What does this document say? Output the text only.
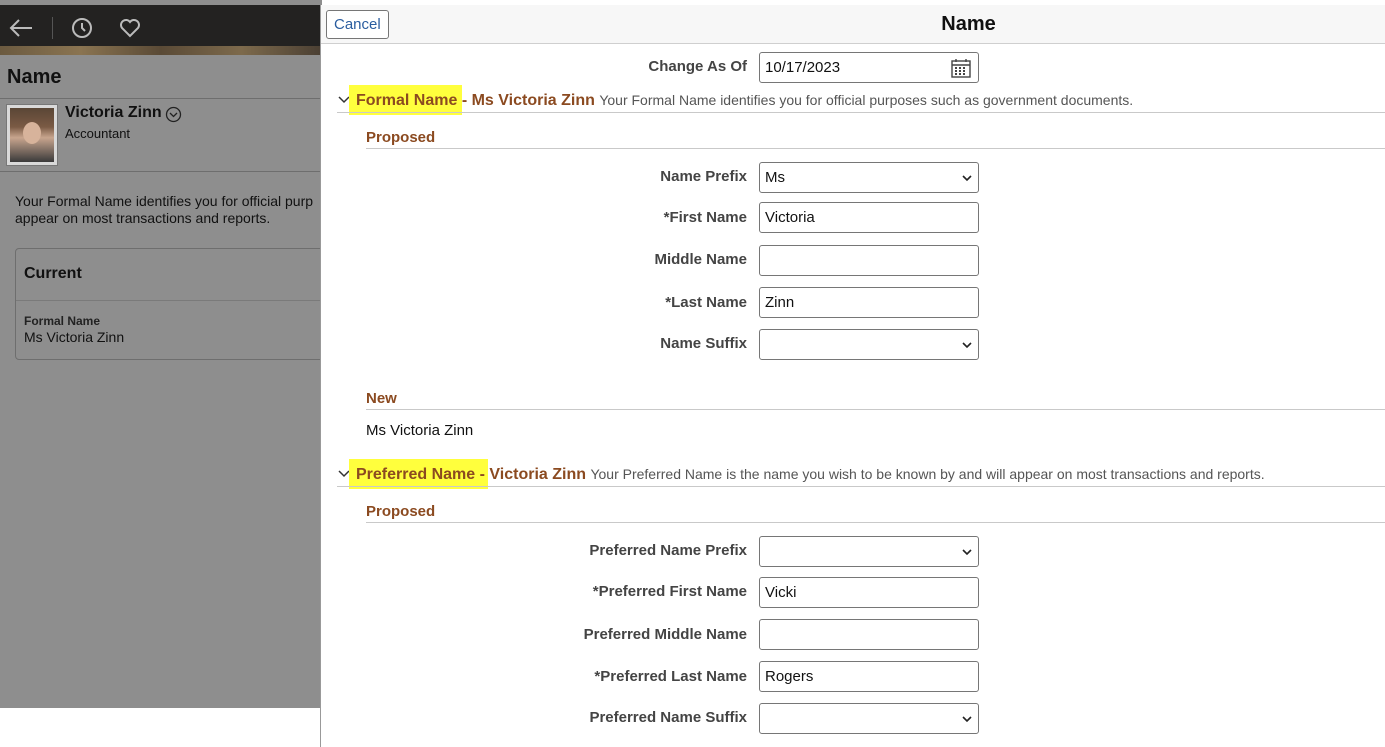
Name
Victoria Zinn
Accountant
Your Formal Name identifies you for official purp
appear on most transactions and reports.
Current
Formal Name
Ms Victoria Zinn
Cancel	Name
Change As Of	10/17/2023
Formal Name - Ms Victoria Zinn Your Formal Name identifies you for official purposes such as government documents.
Proposed
Name Prefix	Ms
*First Name	Victoria
Middle Name
*Last Name	Zinn
Name Suffix
New
Ms Victoria Zinn
Preferred Name - Victoria Zinn Your Preferred Name is the name you wish to be known by and will appear on most transactions and reports.
Proposed
Preferred Name Prefix
*Preferred First Name	Vicki
Preferred Middle Name
*Preferred Last Name	Rogers
Preferred Name Suffix
